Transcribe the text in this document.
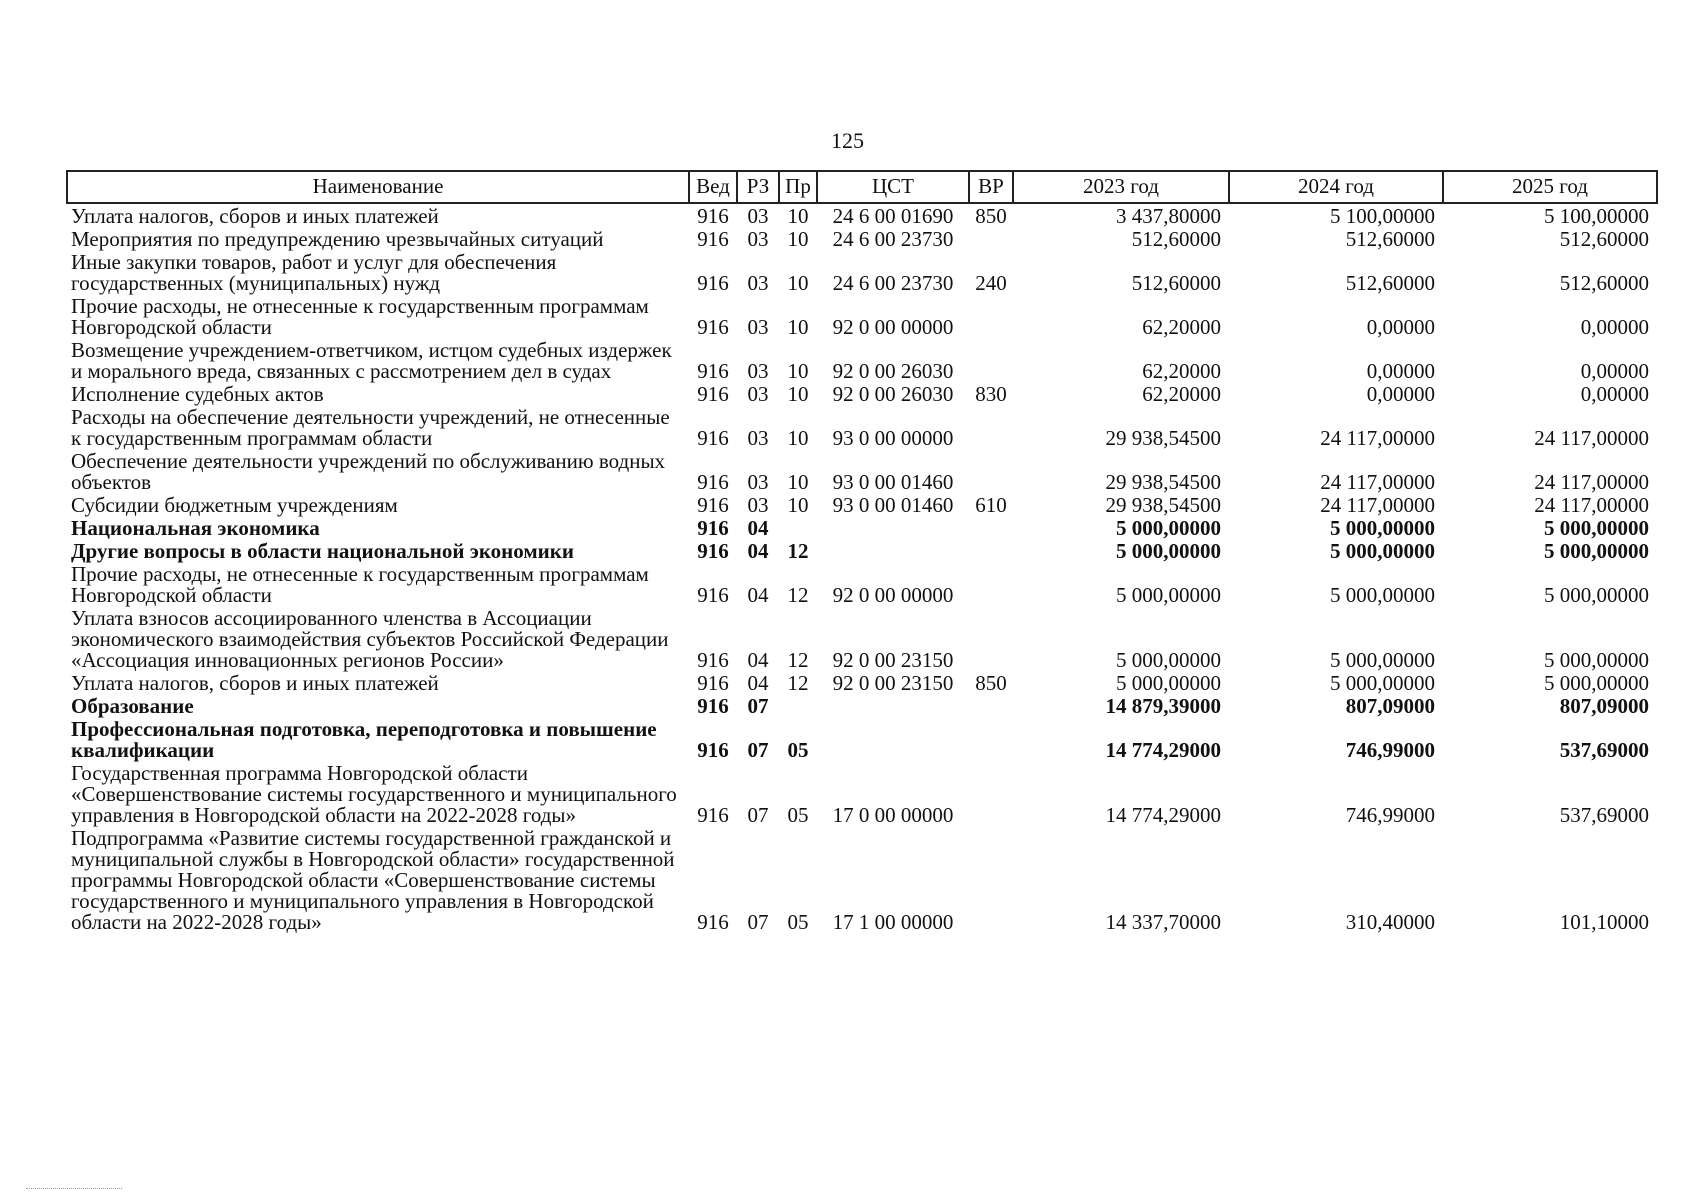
125
Наименование	Вед	РЗ	Пр	ЦСТ	ВР	2023 год	2024 год	2025 год
Уплата налогов, сборов и иных платежей	916	03	10	24 6 00 01690	850	3 437,80000	5 100,00000	5 100,00000
Мероприятия по предупреждению чрезвычайных ситуаций	916	03	10	24 6 00 23730		512,60000	512,60000	512,60000
Иные закупки товаров, работ и услуг для обеспечения государственных (муниципальных) нужд	916	03	10	24 6 00 23730	240	512,60000	512,60000	512,60000
Прочие расходы, не отнесенные к государственным программам Новгородской области	916	03	10	92 0 00 00000		62,20000	0,00000	0,00000
Возмещение учреждением-ответчиком, истцом судебных издержек и морального вреда, связанных с рассмотрением дел в судах	916	03	10	92 0 00 26030		62,20000	0,00000	0,00000
Исполнение судебных актов	916	03	10	92 0 00 26030	830	62,20000	0,00000	0,00000
Расходы на обеспечение деятельности учреждений, не отнесенные к государственным программам области	916	03	10	93 0 00 00000		29 938,54500	24 117,00000	24 117,00000
Обеспечение деятельности учреждений по обслуживанию водных объектов	916	03	10	93 0 00 01460		29 938,54500	24 117,00000	24 117,00000
Субсидии бюджетным учреждениям	916	03	10	93 0 00 01460	610	29 938,54500	24 117,00000	24 117,00000
Национальная экономика	916	04				5 000,00000	5 000,00000	5 000,00000
Другие вопросы в области национальной экономики	916	04	12			5 000,00000	5 000,00000	5 000,00000
Прочие расходы, не отнесенные к государственным программам Новгородской области	916	04	12	92 0 00 00000		5 000,00000	5 000,00000	5 000,00000
Уплата взносов ассоциированного членства в Ассоциации экономического взаимодействия субъектов Российской Федерации «Ассоциация инновационных регионов России»	916	04	12	92 0 00 23150		5 000,00000	5 000,00000	5 000,00000
Уплата налогов, сборов и иных платежей	916	04	12	92 0 00 23150	850	5 000,00000	5 000,00000	5 000,00000
Образование	916	07				14 879,39000	807,09000	807,09000
Профессиональная подготовка, переподготовка и повышение квалификации	916	07	05			14 774,29000	746,99000	537,69000
Государственная программа Новгородской области «Совершенствование системы государственного и муниципального управления в Новгородской области на 2022-2028 годы»	916	07	05	17 0 00 00000		14 774,29000	746,99000	537,69000
Подпрограмма «Развитие системы государственной гражданской и муниципальной службы в Новгородской области» государственной программы Новгородской области «Совершенствование системы государственного и муниципального управления в Новгородской области на 2022-2028 годы»	916	07	05	17 1 00 00000		14 337,70000	310,40000	101,10000
